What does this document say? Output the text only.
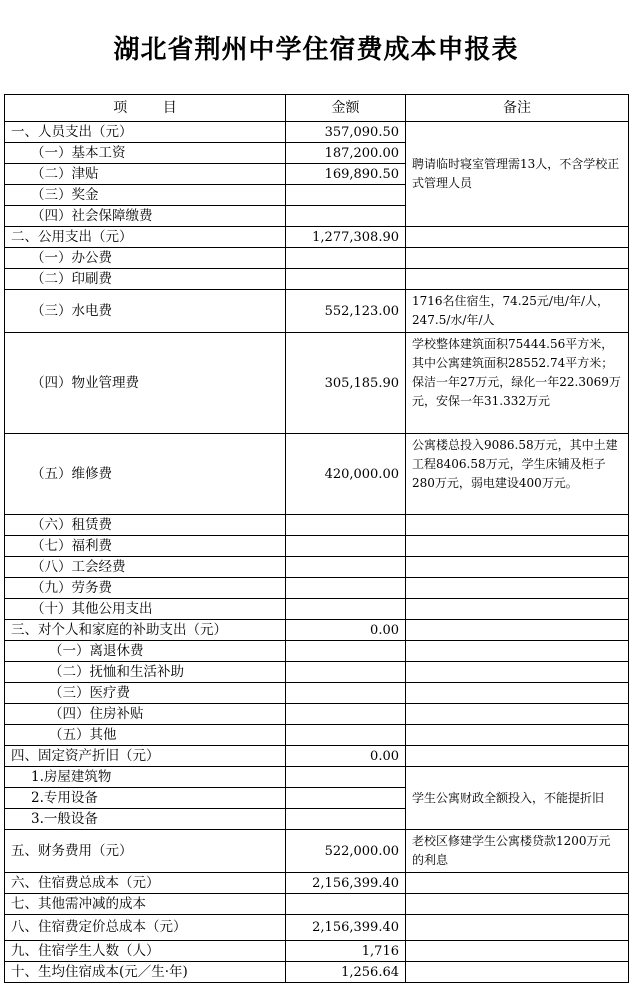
湖北省荆州中学住宿费成本申报表
项        目	金额	备注
一、人员支出（元）	357,090.50	聘请临时寝室管理需13人，不含学校正式管理人员
（一）基本工资	187,200.00	
（二）津贴	169,890.50	
（三）奖金		
（四）社会保障缴费		
二、公用支出（元）	1,277,308.90	
（一）办公费		
（二）印刷费		
（三）水电费	552,123.00	1716名住宿生，74.25元/电/年/人，247.5/水/年/人
（四）物业管理费	305,185.90	学校整体建筑面积75444.56平方米，其中公寓建筑面积28552.74平方米；保洁一年27万元，绿化一年22.3069万元，安保一年31.332万元
（五）维修费	420,000.00	公寓楼总投入9086.58万元，其中土建工程8406.58万元，学生床铺及柜子280万元，弱电建设400万元。
（六）租赁费		
（七）福利费		
（八）工会经费		
（九）劳务费		
（十）其他公用支出		
三、对个人和家庭的补助支出（元）	0.00	
（一）离退休费		
（二）抚恤和生活补助		
（三）医疗费		
（四）住房补贴		
（五）其他		
四、固定资产折旧（元）	0.00	
1.房屋建筑物		学生公寓财政全额投入，不能提折旧
2.专用设备		
3.一般设备		
五、财务费用（元）	522,000.00	老校区修建学生公寓楼贷款1200万元的利息
六、住宿费总成本（元）	2,156,399.40	
七、其他需冲减的成本		
八、住宿费定价总成本（元）	2,156,399.40	
九、住宿学生人数（人）	1,716	
十、生均住宿成本(元／生·年)	1,256.64	
